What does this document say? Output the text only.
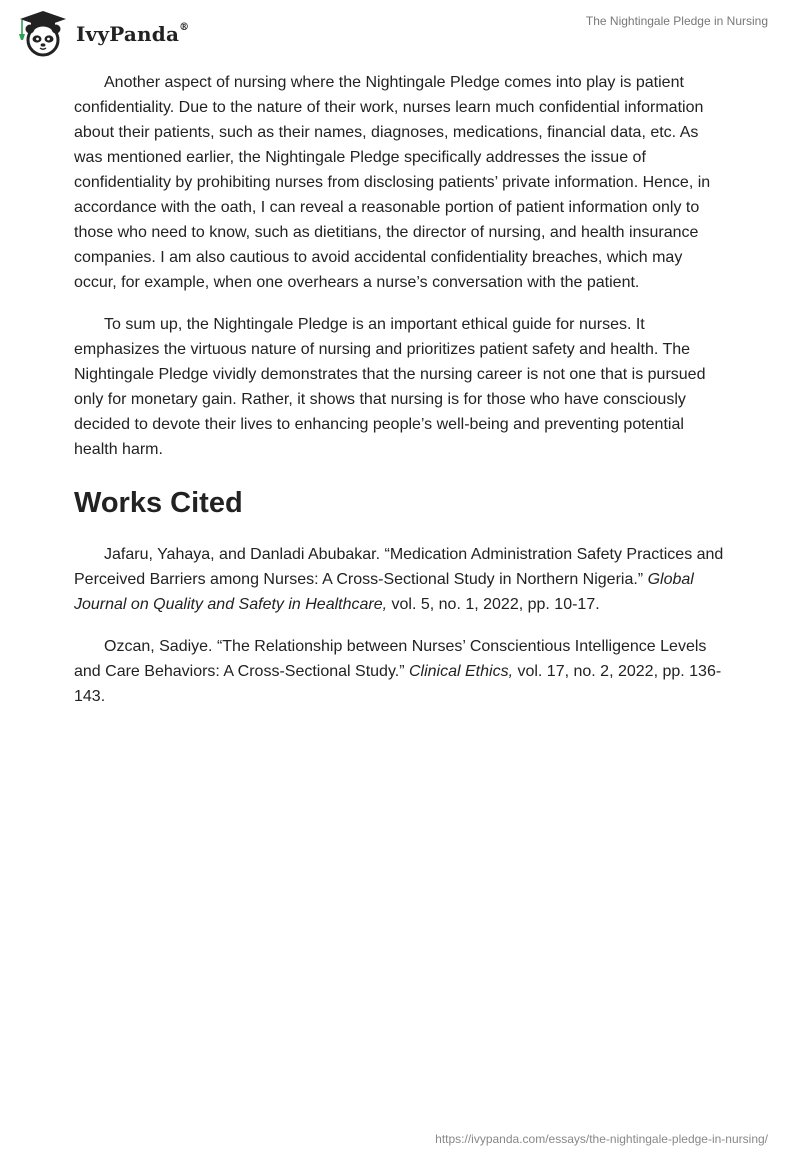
IvyPanda®	The Nightingale Pledge in Nursing

Another aspect of nursing where the Nightingale Pledge comes into play is patient confidentiality. Due to the nature of their work, nurses learn much confidential information about their patients, such as their names, diagnoses, medications, financial data, etc. As was mentioned earlier, the Nightingale Pledge specifically addresses the issue of confidentiality by prohibiting nurses from disclosing patients’ private information. Hence, in accordance with the oath, I can reveal a reasonable portion of patient information only to those who need to know, such as dietitians, the director of nursing, and health insurance companies. I am also cautious to avoid accidental confidentiality breaches, which may occur, for example, when one overhears a nurse’s conversation with the patient.

To sum up, the Nightingale Pledge is an important ethical guide for nurses. It emphasizes the virtuous nature of nursing and prioritizes patient safety and health. The Nightingale Pledge vividly demonstrates that the nursing career is not one that is pursued only for monetary gain. Rather, it shows that nursing is for those who have consciously decided to devote their lives to enhancing people’s well-being and preventing potential health harm.

Works Cited

Jafaru, Yahaya, and Danladi Abubakar. “Medication Administration Safety Practices and Perceived Barriers among Nurses: A Cross-Sectional Study in Northern Nigeria.” Global Journal on Quality and Safety in Healthcare, vol. 5, no. 1, 2022, pp. 10-17.

Ozcan, Sadiye. “The Relationship between Nurses’ Conscientious Intelligence Levels and Care Behaviors: A Cross-Sectional Study.” Clinical Ethics, vol. 17, no. 2, 2022, pp. 136-143.

https://ivypanda.com/essays/the-nightingale-pledge-in-nursing/
